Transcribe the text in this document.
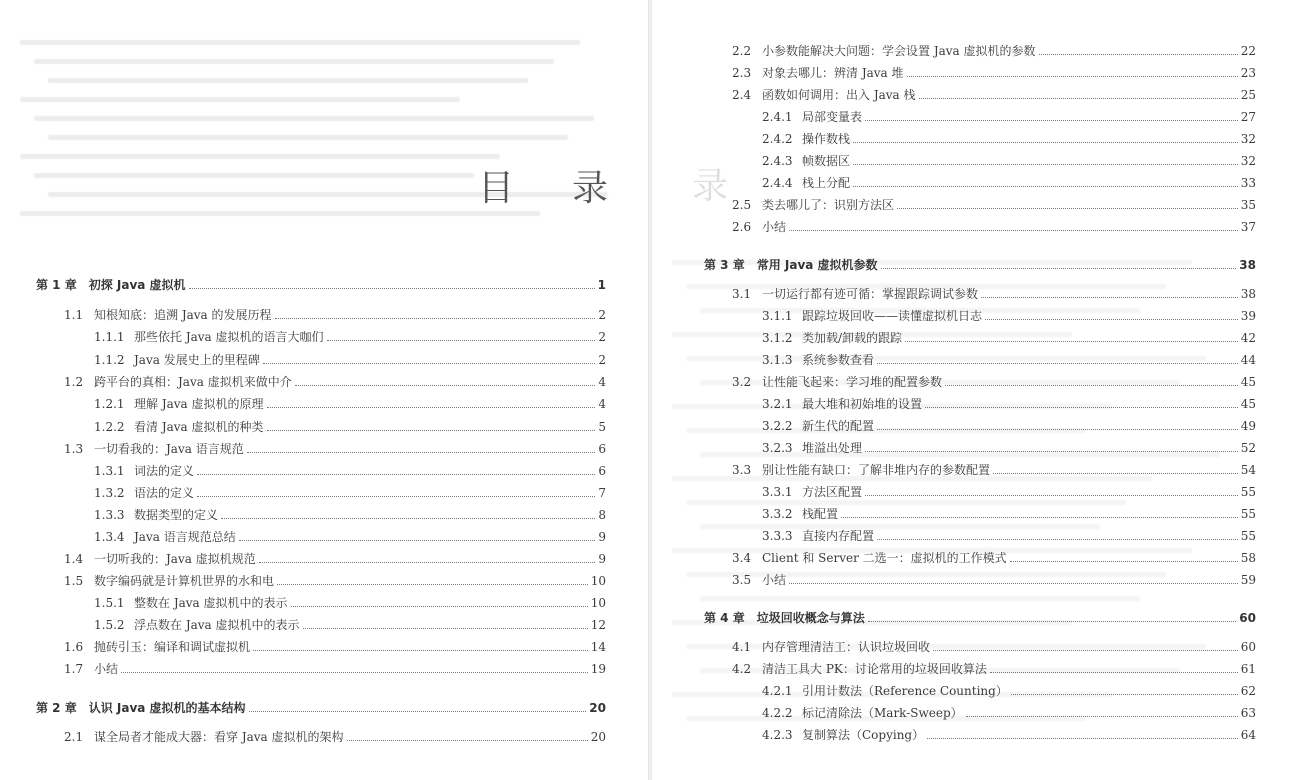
目 录
第 1 章 初探 Java 虚拟机	1
1.1 知根知底：追溯 Java 的发展历程	2
1.1.1 那些依托 Java 虚拟机的语言大咖们	2
1.1.2 Java 发展史上的里程碑	2
1.2 跨平台的真相：Java 虚拟机来做中介	4
1.2.1 理解 Java 虚拟机的原理	4
1.2.2 看清 Java 虚拟机的种类	5
1.3 一切看我的：Java 语言规范	6
1.3.1 词法的定义	6
1.3.2 语法的定义	7
1.3.3 数据类型的定义	8
1.3.4 Java 语言规范总结	9
1.4 一切听我的：Java 虚拟机规范	9
1.5 数字编码就是计算机世界的水和电	10
1.5.1 整数在 Java 虚拟机中的表示	10
1.5.2 浮点数在 Java 虚拟机中的表示	12
1.6 抛砖引玉：编译和调试虚拟机	14
1.7 小结	19
第 2 章 认识 Java 虚拟机的基本结构	20
2.1 谋全局者才能成大器：看穿 Java 虚拟机的架构	20
录
2.2 小参数能解决大问题：学会设置 Java 虚拟机的参数	22
2.3 对象去哪儿：辨清 Java 堆	23
2.4 函数如何调用：出入 Java 栈	25
2.4.1 局部变量表	27
2.4.2 操作数栈	32
2.4.3 帧数据区	32
2.4.4 栈上分配	33
2.5 类去哪儿了：识别方法区	35
2.6 小结	37
第 3 章 常用 Java 虚拟机参数	38
3.1 一切运行都有迹可循：掌握跟踪调试参数	38
3.1.1 跟踪垃圾回收——读懂虚拟机日志	39
3.1.2 类加载/卸载的跟踪	42
3.1.3 系统参数查看	44
3.2 让性能飞起来：学习堆的配置参数	45
3.2.1 最大堆和初始堆的设置	45
3.2.2 新生代的配置	49
3.2.3 堆溢出处理	52
3.3 别让性能有缺口：了解非堆内存的参数配置	54
3.3.1 方法区配置	55
3.3.2 栈配置	55
3.3.3 直接内存配置	55
3.4 Client 和 Server 二选一：虚拟机的工作模式	58
3.5 小结	59
第 4 章 垃圾回收概念与算法	60
4.1 内存管理清洁工：认识垃圾回收	60
4.2 清洁工具大 PK：讨论常用的垃圾回收算法	61
4.2.1 引用计数法（Reference Counting）	62
4.2.2 标记清除法（Mark-Sweep）	63
4.2.3 复制算法（Copying）	64
